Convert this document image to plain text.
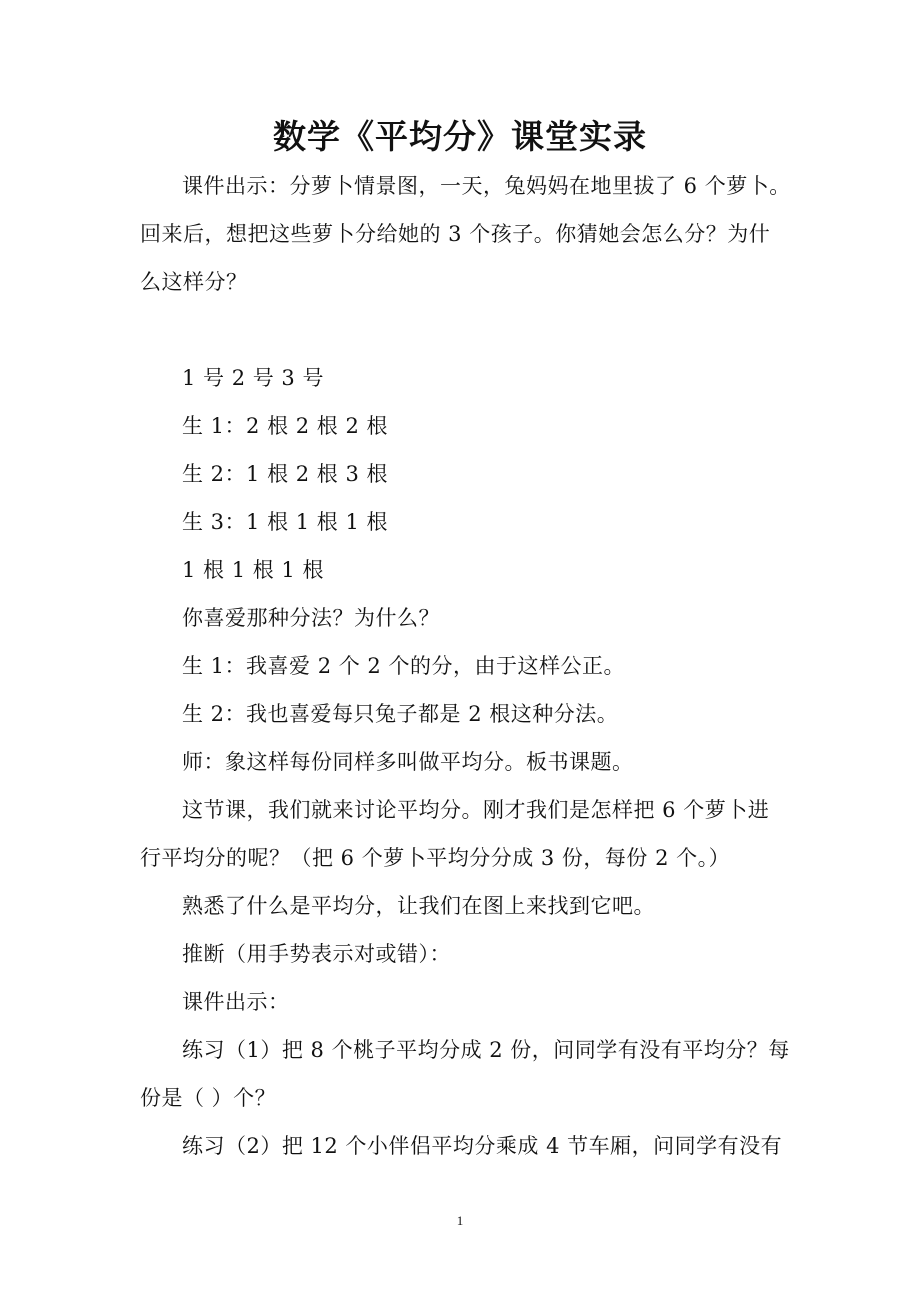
数学《平均分》课堂实录
课件出示：分萝卜情景图，一天，兔妈妈在地里拔了 6 个萝卜。
回来后，想把这些萝卜分给她的 3 个孩子。你猜她会怎么分？为什
么这样分？
1 号 2 号 3 号
生 1：2 根 2 根 2 根
生 2：1 根 2 根 3 根
生 3：1 根 1 根 1 根
1 根 1 根 1 根
你喜爱那种分法？为什么？
生 1：我喜爱 2 个 2 个的分，由于这样公正。
生 2：我也喜爱每只兔子都是 2 根这种分法。
师：象这样每份同样多叫做平均分。板书课题。
这节课，我们就来讨论平均分。刚才我们是怎样把 6 个萝卜进
行平均分的呢？（把 6 个萝卜平均分分成 3 份，每份 2 个。）
熟悉了什么是平均分，让我们在图上来找到它吧。
推断（用手势表示对或错）：
课件出示：
练习（1）把 8 个桃子平均分成 2 份，问同学有没有平均分？每
份是（ ）个？
练习（2）把 12 个小伴侣平均分乘成 4 节车厢，问同学有没有
1
